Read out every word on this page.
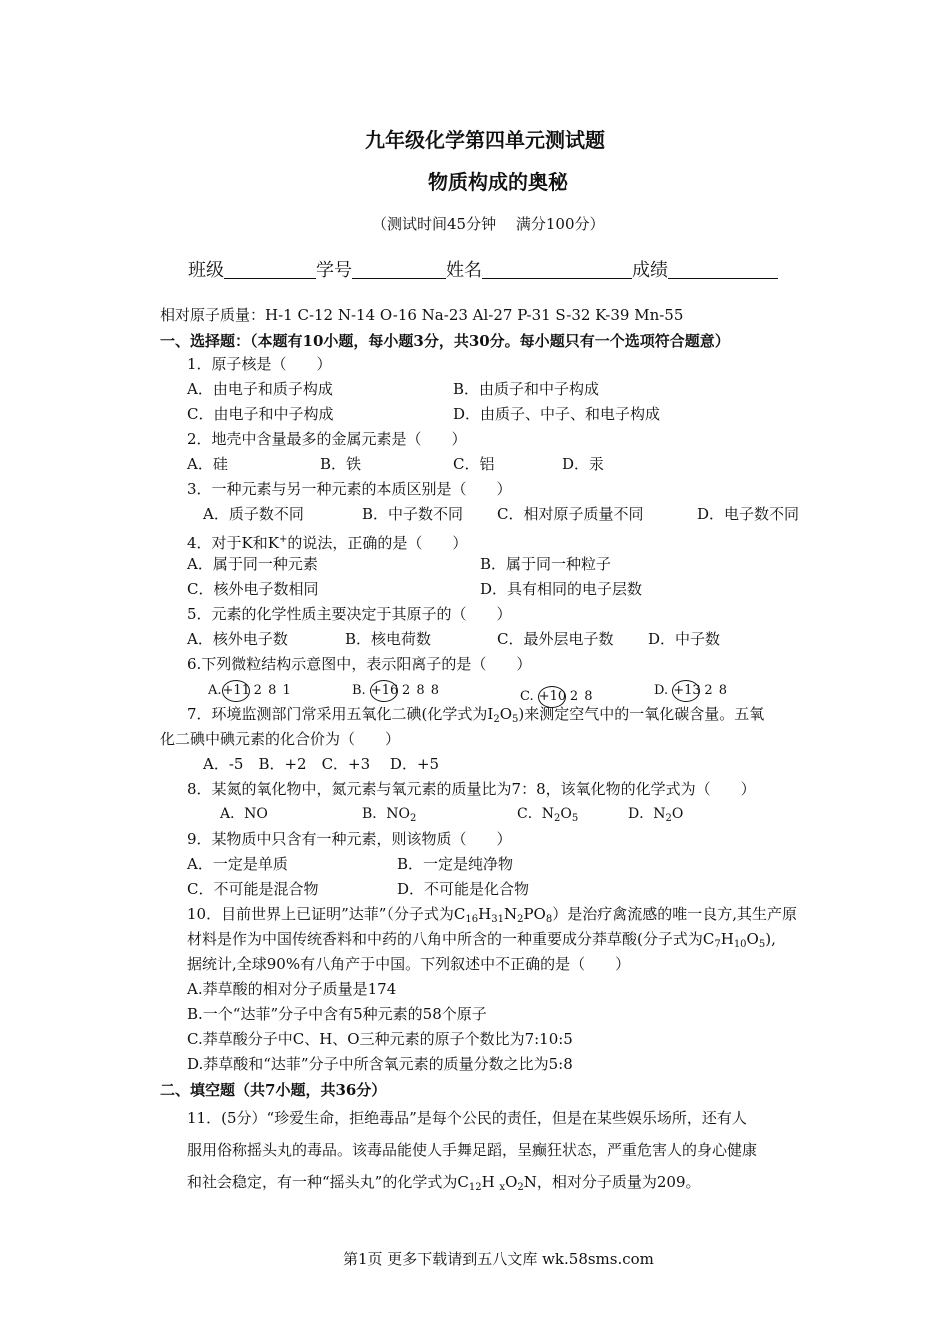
九年级化学第四单元测试题
物质构成的奥秘
（测试时间45分钟　 满分100分）
班级	学号	姓名	成绩
相对原子质量：H-1 C-12 N-14 O-16 Na-23 Al-27 P-31 S-32 K-39 Mn-55
一、选择题：（本题有10小题，每小题3分，共30分。每小题只有一个选项符合题意）
1．原子核是（　　）
A．由电子和质子构成	B．由质子和中子构成
C．由电子和中子构成	D．由质子、中子、和电子构成
2．地壳中含量最多的金属元素是（　　）
A．硅	B．铁	C．铝	D．汞
3．一种元素与另一种元素的本质区别是（　　）
A．质子数不同	B．中子数不同 C．相对原子质量不同	D．电子数不同
4．对于K和K+的说法，正确的是（　　）
A．属于同一种元素	B．属于同一种粒子
C．核外电子数相同	D．具有相同的电子层数
5．元素的化学性质主要决定于其原子的（　　）
A．核外电子数	B．核电荷数	C．最外层电子数 D．中子数
6.下列微粒结构示意图中，表示阳离子的是（　　）
A.+11 2 8 1	B. +16 2 8 8	C. +10 2 8	D. +13 2 8
7．环境监测部门常采用五氧化二碘(化学式为$I_2O_5$)来测定空气中的一氧化碳含量。五氧
化二碘中碘元素的化合价为（　　）
A．-5　B．+2　C．+3　 D．+5
8．某氮的氧化物中，氮元素与氧元素的质量比为7：8，该氧化物的化学式为（　　）
A．NO	B．$NO_2$	C．$N_2O_5$	D．$N_2O$
9．某物质中只含有一种元素，则该物质（　　）
A．一定是单质	B．一定是纯净物
C．不可能是混合物	D．不可能是化合物
10．目前世界上已证明”达菲”（分子式为$C_{16}H_{31}N_2PO_8$）是治疗禽流感的唯一良方,其生产原
材料是作为中国传统香料和中药的八角中所含的一种重要成分莽草酸(分子式为$C_7H_{10}O_5$),
据统计,全球90%有八角产于中国。下列叙述中不正确的是（　　）
A.莽草酸的相对分子质量是174
B.一个“达菲”分子中含有5种元素的58个原子
C.莽草酸分子中C、H、O三种元素的原子个数比为7:10:5
D.莽草酸和“达菲”分子中所含氧元素的质量分数之比为5:8
二、填空题（共7小题，共36分）
11．(5分）“珍爱生命，拒绝毒品”是每个公民的责任，但是在某些娱乐场所，还有人
服用俗称摇头丸的毒品。该毒品能使人手舞足蹈，呈癫狂状态，严重危害人的身心健康
和社会稳定，有一种“摇头丸”的化学式为$C_{12}H$ $_xO_2N$，相对分子质量为209。
第1页 更多下载请到五八文库 wk.58sms.com
